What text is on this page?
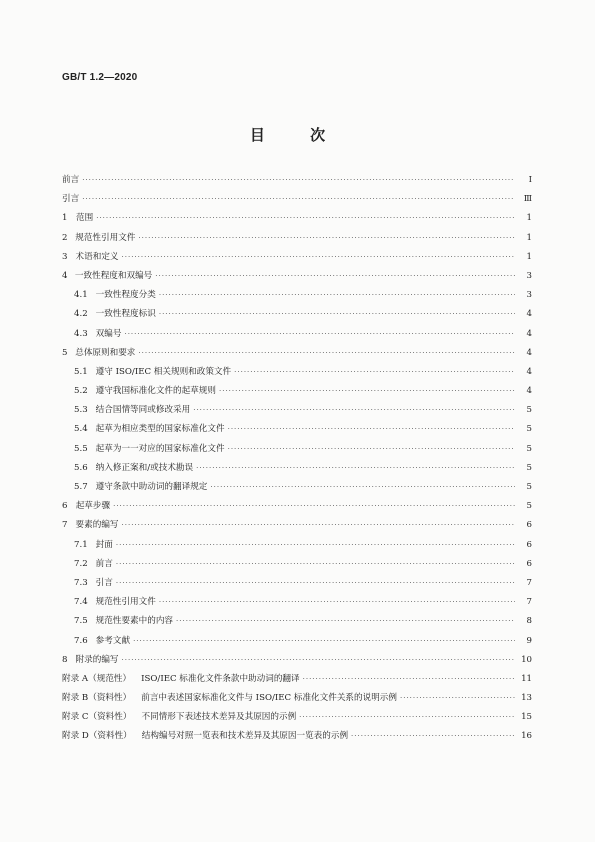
GB/T 1.2—2020
目 次
前言 ·····	I
引言 ·····	Ⅲ
1 范围 ·····	1
2 规范性引用文件 ·····	1
3 术语和定义 ·····	1
4 一致性程度和双编号 ·····	3
4.1 一致性程度分类 ·····	3
4.2 一致性程度标识 ·····	4
4.3 双编号 ·····	4
5 总体原则和要求 ·····	4
5.1 遵守 ISO/IEC 相关规则和政策文件 ·····	4
5.2 遵守我国标准化文件的起草规则 ·····	4
5.3 结合国情等同或修改采用 ·····	5
5.4 起草为相应类型的国家标准化文件 ·····	5
5.5 起草为一一对应的国家标准化文件 ·····	5
5.6 纳入修正案和/或技术勘误 ·····	5
5.7 遵守条款中助动词的翻译规定 ·····	5
6 起草步骤 ·····	5
7 要素的编写 ·····	6
7.1 封面 ·····	6
7.2 前言 ·····	6
7.3 引言 ·····	7
7.4 规范性引用文件 ·····	7
7.5 规范性要素中的内容 ·····	8
7.6 参考文献 ·····	9
8 附录的编写 ·····	10
附录 A（规范性） ISO/IEC 标准化文件条款中助动词的翻译 ·····	11
附录 B（资料性） 前言中表述国家标准化文件与 ISO/IEC 标准化文件关系的说明示例 ·····	13
附录 C（资料性） 不同情形下表述技术差异及其原因的示例 ·····	15
附录 D（资料性） 结构编号对照一览表和技术差异及其原因一览表的示例 ·····	16
